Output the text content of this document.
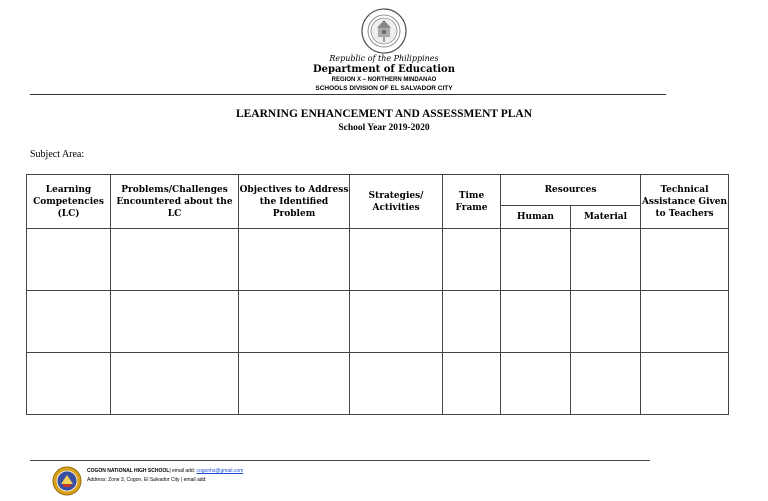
Republic of the Philippines
Department of Education
REGION X – NORTHERN MINDANAO
SCHOOLS DIVISION OF EL SALVADOR CITY
LEARNING ENHANCEMENT AND ASSESSMENT PLAN
School Year 2019-2020
Subject Area:
Learning Competencies (LC)	Problems/Challenges Encountered about the LC	Objectives to Address the Identified Problem	Strategies/ Activities	Time Frame	Resources		Technical Assistance Given to Teachers
					Human	Material	

COGON NATIONAL HIGH SCHOOL| email add: cogonhs@gmail.com
Address: Zone 3, Cogon, El Salvador City | email add:
